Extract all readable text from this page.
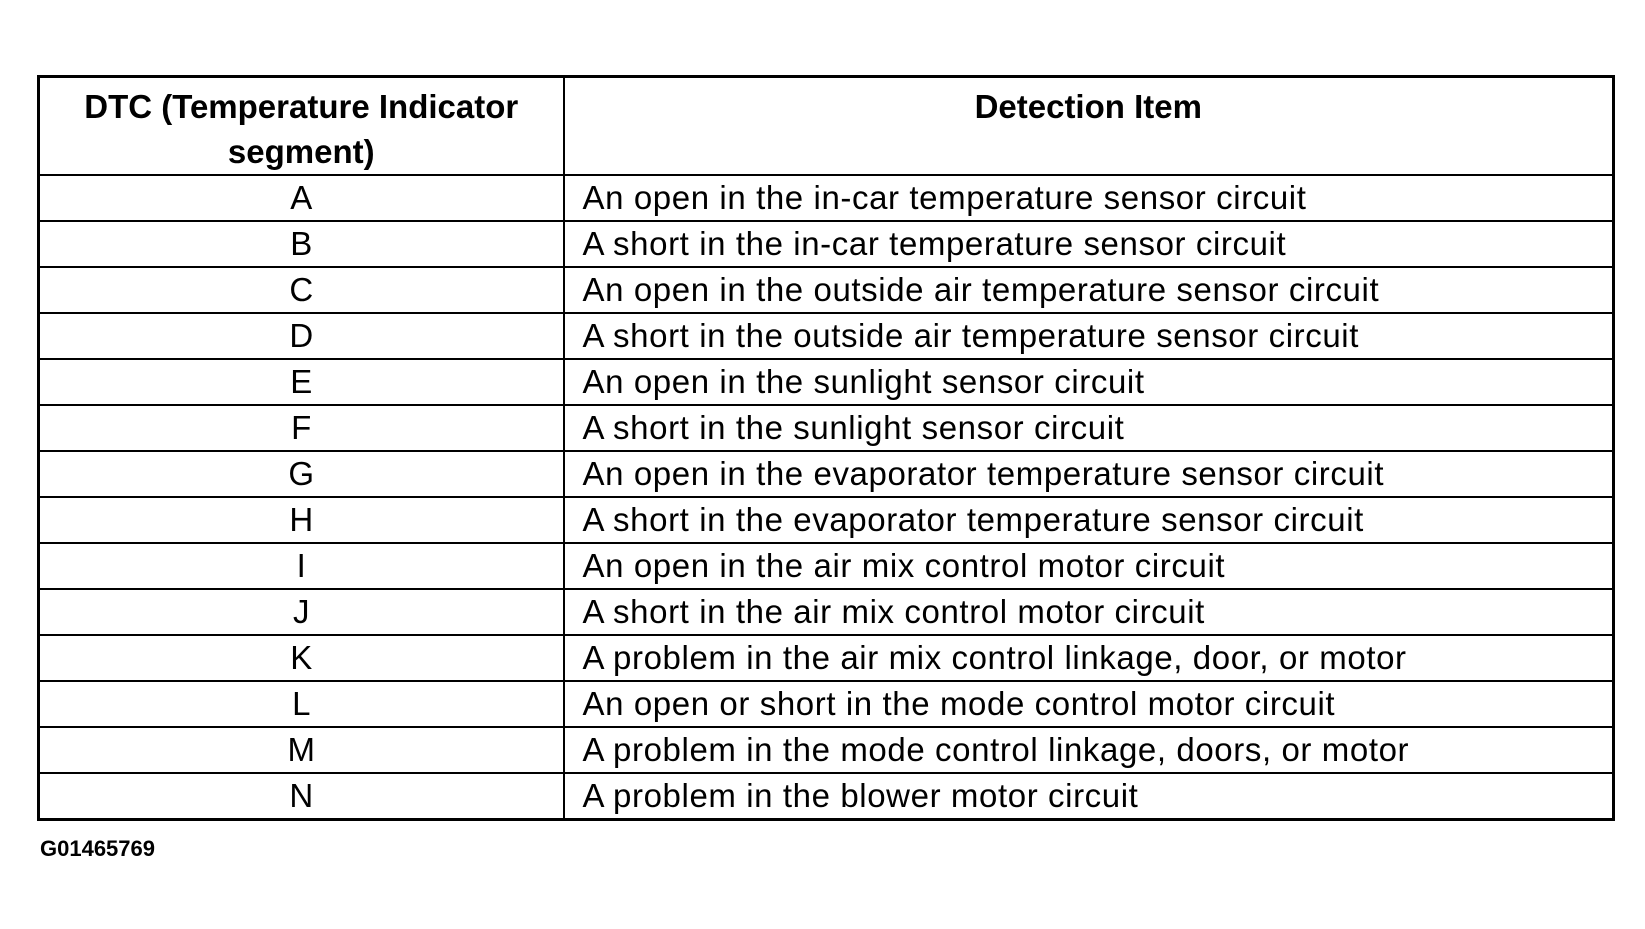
DTC (Temperature Indicator segment)	Detection Item
A	An open in the in-car temperature sensor circuit
B	A short in the in-car temperature sensor circuit
C	An open in the outside air temperature sensor circuit
D	A short in the outside air temperature sensor circuit
E	An open in the sunlight sensor circuit
F	A short in the sunlight sensor circuit
G	An open in the evaporator temperature sensor circuit
H	A short in the evaporator temperature sensor circuit
I	An open in the air mix control motor circuit
J	A short in the air mix control motor circuit
K	A problem in the air mix control linkage, door, or motor
L	An open or short in the mode control motor circuit
M	A problem in the mode control linkage, doors, or motor
N	A problem in the blower motor circuit
G01465769
